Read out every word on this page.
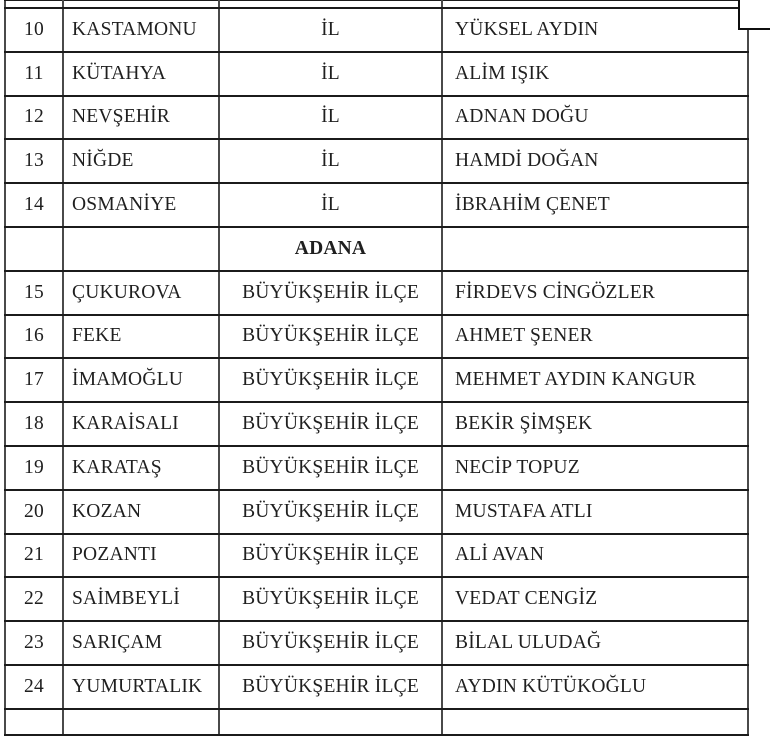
10	KASTAMONU	İL	YÜKSEL AYDIN
11	KÜTAHYA	İL	ALİM IŞIK
12	NEVŞEHİR	İL	ADNAN DOĞU
13	NİĞDE	İL	HAMDİ DOĞAN
14	OSMANİYE	İL	İBRAHİM ÇENET
		ADANA	
15	ÇUKUROVA	BÜYÜKŞEHİR İLÇE	FİRDEVS CİNGÖZLER
16	FEKE	BÜYÜKŞEHİR İLÇE	AHMET ŞENER
17	İMAMOĞLU	BÜYÜKŞEHİR İLÇE	MEHMET AYDIN KANGUR
18	KARAİSALI	BÜYÜKŞEHİR İLÇE	BEKİR ŞİMŞEK
19	KARATAŞ	BÜYÜKŞEHİR İLÇE	NECİP TOPUZ
20	KOZAN	BÜYÜKŞEHİR İLÇE	MUSTAFA ATLI
21	POZANTI	BÜYÜKŞEHİR İLÇE	ALİ AVAN
22	SAİMBEYLİ	BÜYÜKŞEHİR İLÇE	VEDAT CENGİZ
23	SARIÇAM	BÜYÜKŞEHİR İLÇE	BİLAL ULUDAĞ
24	YUMURTALIK	BÜYÜKŞEHİR İLÇE	AYDIN KÜTÜKOĞLU
